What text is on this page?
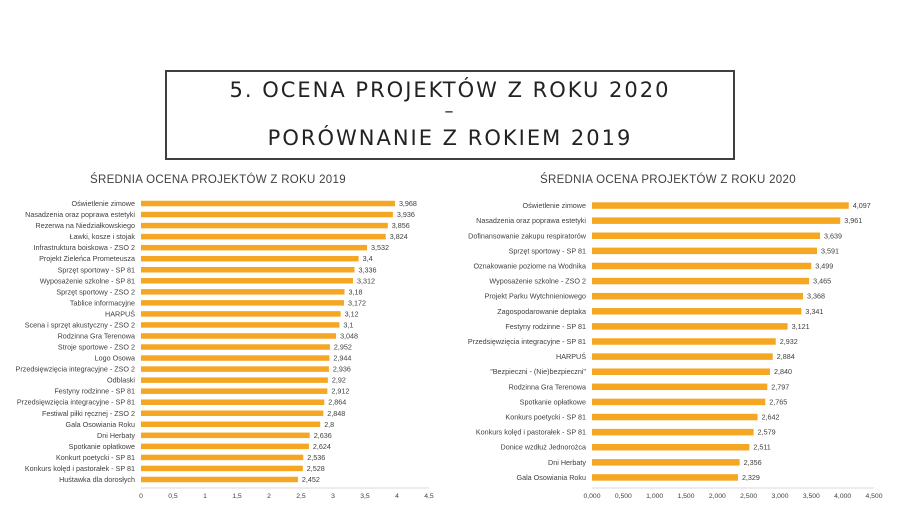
5. OCENA PROJEKTÓW Z ROKU 2020
–
PORÓWNANIE Z ROKIEM 2019
ŚREDNIA OCENA PROJEKTÓW Z ROKU 2019	ŚREDNIA OCENA PROJEKTÓW Z ROKU 2020
0	0,5	1	1,5	2	2,5	3	3,5	4	4,5
Oświetlenie zimowe	3,968
Nasadzenia oraz poprawa estetyki	3,936
Rezerwa na Niedziałkowskiego	3,856
Ławki, kosze i stojak	3,824
Infrastruktura boiskowa - ZSO 2	3,532
Projekt Zieleńca Prometeusza	3,4
Sprzęt sportowy - SP 81	3,336
Wyposażenie szkolne - SP 81	3,312
Sprzęt sportowy - ZSO 2	3,18
Tablice informacyjne	3,172
HARPUŚ	3,12
Scena i sprzęt akustyczny - ZSO 2	3,1
Rodzinna Gra Terenowa	3,048
Stroje sportowe - ZSO 2	2,952
Logo Osowa	2,944
Przedsięwzięcia integracyjne - ZSO 2	2,936
Odblaski	2,92
Festyny rodzinne - SP 81	2,912
Przedsięwzięcia integracyjne - SP 81	2,864
Festiwal piłki ręcznej - ZSO 2	2,848
Gala Osowiania Roku	2,8
Dni Herbaty	2,636
Spotkanie opłatkowe	2,624
Konkurt poetycki - SP 81	2,536
Konkurs kolęd i pastorałek - SP 81	2,528
Huśtawka dla dorosłych	2,452
0,000 0,500 1,000 1,500 2,000 2,500 3,000 3,500 4,000 4,500
Oświetlenie zimowe	4,097
Nasadzenia oraz poprawa estetyki	3,961
Dofinansowanie zakupu respiratorów	3,639
Sprzęt sportowy - SP 81	3,591
Oznakowanie poziome na Wodnika	3,499
Wyposażenie szkolne - ZSO 2	3,465
Projekt Parku Wytchnieniowego	3,368
Zagospodarowanie deptaka	3,341
Festyny rodzinne - SP 81	3,121
Przedsięwzięcia integracyjne - SP 81	2,932
HARPUŚ	2,884
"Bezpieczni - (Nie)bezpieczni"	2,840
Rodzinna Gra Terenowa	2,797
Spotkanie opłatkowe	2,765
Konkurs poetycki - SP 81	2,642
Konkurs kolęd i pastorałek - SP 81	2,579
Donice wzdłuż Jednorożca	2,511
Dni Herbaty	2,356
Gala Osowiania Roku	2,329
